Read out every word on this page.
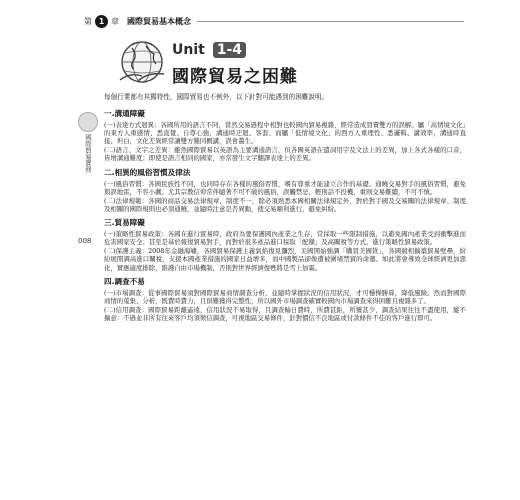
第 1 章 國際貿易基本概念
Unit 1-4
國際貿易之困難
每個行業都有其獨特性，國際貿易也不例外，以下針對可能遇到的困難說明。
國際貿易實務
008
一.溝通障礙

(一)表達方式迥異：各國所用的語言不同，當然交易過程中相對也較國內貿易複雜，經常造成買賣雙方的誤解。屬「高情境文化」的東方人重感情、悉直覺、自尊心強，溝通時迂迴、客套、而屬「低情境文化」的西方人重理性、悉邏輯、講效率，溝通時直接、坦白，文化差異經常讓雙方難同概講，誤會叢生。

(二)語言、文字之差異：雖然國際貿易以英語為主要溝通語言，但各國英語在遣詞用字及文法上的差異，加上各式各樣的口音，皆增溝通難度；即使是語言相同的國家，亦常發生文字翻譯表達上的差異。

二.相異的風俗習慣及律法

(一)風俗習慣：各國民族性不同，也同時存在各樣的風俗習慣，嗜有尊重才能建立合作的基礎。通曉交易對手的風俗習慣，避免與誤地雷，不容小觑；尤其宗教信仰常伴隨著不可不破的風俗，誤觸禁忌，輕則話不投機，重則交易難續，不可不慎。

(二)法律規範：各國的商品交易法律規章，制度不一，除必須熟悉本國相關法律規定外，對於對手國及交易關的法律規章、制度及相關的國際規則也必須通曉，並隨時注意是否異動，使交易順利進行，避免糾紛。

三.貿易障礙

(一)策略性貿易政策：各國在進行貿易時，政府為要保護國內產業之生存，常採取一些限制措施，以避免國內產業受到衝擊進而危害國家安全；甚至是基於報復貿易對手，而對於很多產品進口採取「配額」及高關稅等方式，進行策略性貿易政策。

(二)保護主義：2008年金融海嘯，各國貿易保護主義氣焰復見瀰烈，美國開始強調「購買美國貨」，各國競相擴築貿易壁壘，紛紛展開調高進口關稅，支援本國產業措施的國家日益增多，而中國製品卻像遭被圍堵禁貿的命運。如此將會導致全球經濟更加惡化，實應適度排除，維護自由市場機制，否則對世界經濟復甦將是雪上加霜。

四.調查不易

(一)市場調查：從事國際貿易須對國際貿易商情調查分析，並隨時掌握狀況的信用狀況，才可穩操勝算，降低風險。然而對國際商情的蒐集、分析，既費時費力，且倶難獲得完整性，所以國外市場調查確實較國內市場調查來得困難且複雜多了。

(二)信用調查：國際貿易距離遙遠，信用狀況不易取得，且調查輸日費時，所費甚鉅，所獲甚少，調查結果往往不盡使用，縱不擴意：不過並非所有往來客戶均須徵信調查，可視地區交易條件，針對價信不良地區或付款條件不佳的客戶進行即可。
